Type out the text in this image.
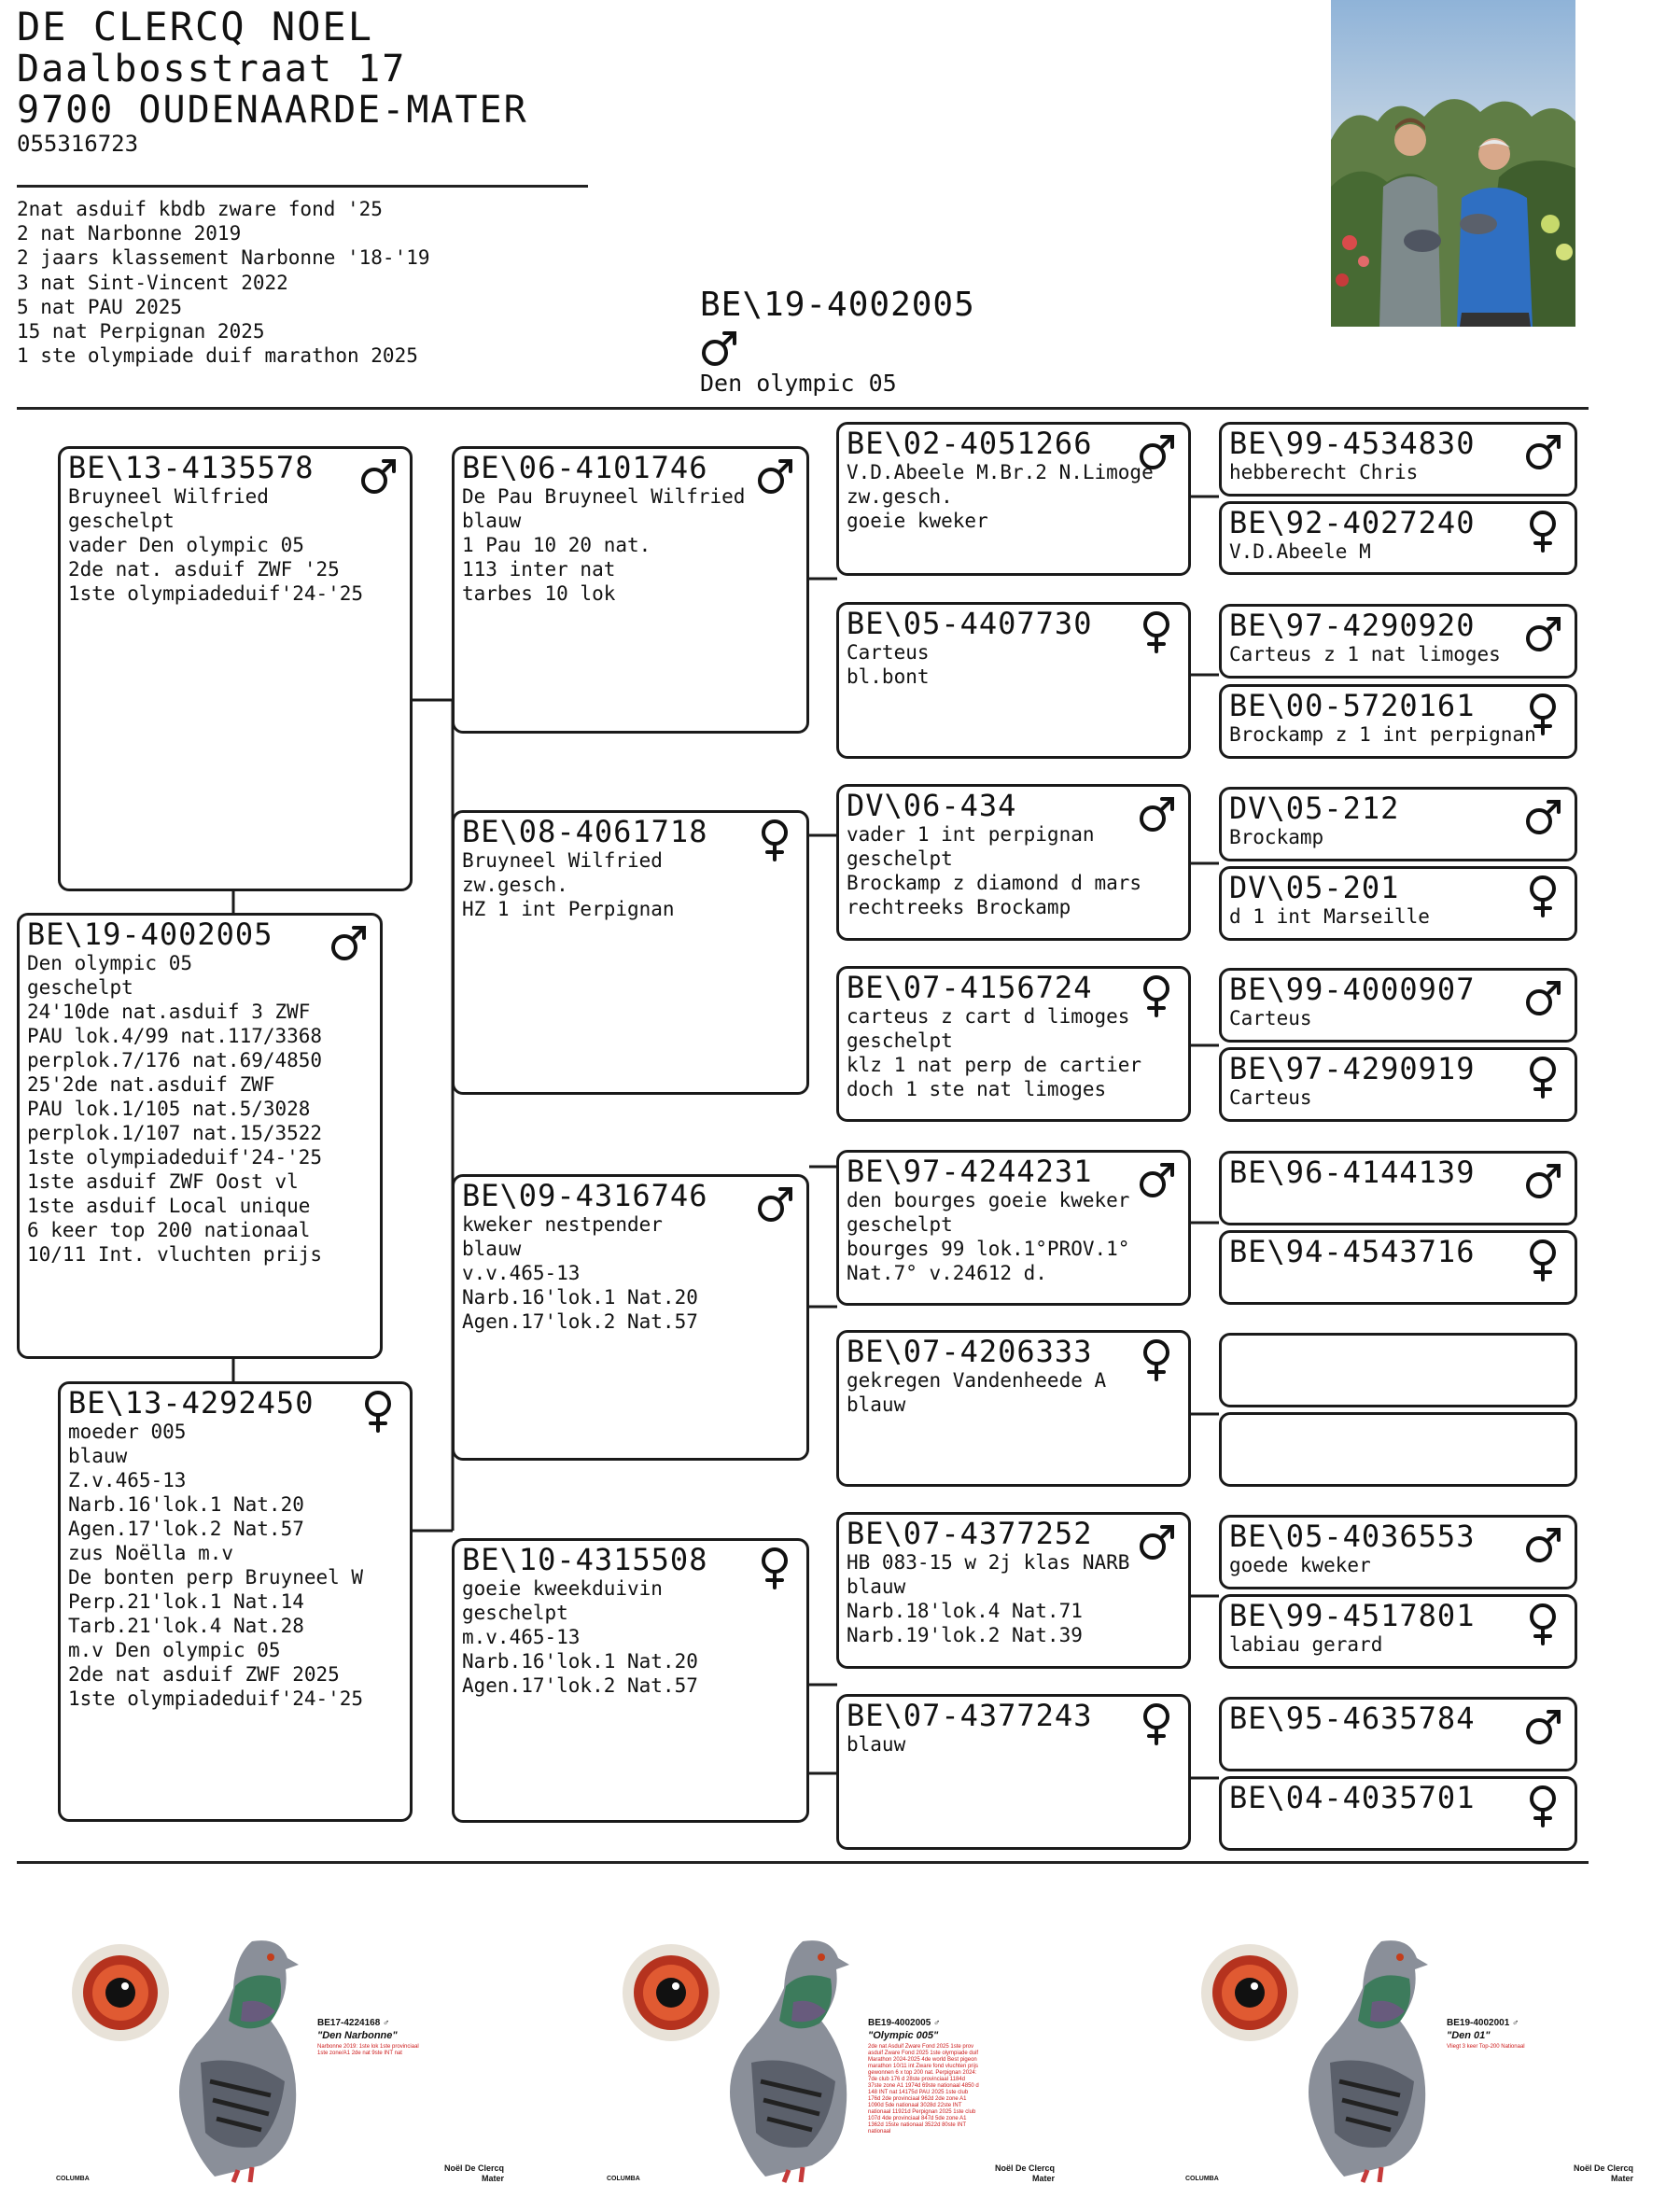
DE CLERCQ NOEL
Daalbosstraat 17
9700 OUDENAARDE-MATER
055316723
2nat asduif kbdb zware fond '25
2 nat Narbonne 2019
2 jaars klassement Narbonne '18-'19
3 nat Sint-Vincent 2022
5 nat PAU 2025
15 nat Perpignan 2025
1 ste olympiade duif marathon 2025
BE\19-4002005
Den olympic 05
BE\19-4002005
Den olympic 05
geschelpt
24'10de nat.asduif 3 ZWF
PAU lok.4/99 nat.117/3368
perplok.7/176 nat.69/4850
25'2de nat.asduif ZWF
PAU lok.1/105 nat.5/3028
perplok.1/107 nat.15/3522
1ste olympiadeduif'24-'25
1ste asduif ZWF Oost vl
1ste asduif Local unique
6 keer top 200 nationaal
10/11 Int. vluchten prijs
BE\13-4135578
Bruyneel Wilfried
geschelpt
vader Den olympic 05
2de nat. asduif ZWF '25
1ste olympiadeduif'24-'25
BE\13-4292450
moeder 005
blauw
Z.v.465-13
Narb.16'lok.1 Nat.20
Agen.17'lok.2 Nat.57
zus Noëlla m.v
De bonten perp Bruyneel W
Perp.21'lok.1 Nat.14
Tarb.21'lok.4 Nat.28
m.v Den olympic 05
2de nat asduif ZWF 2025
1ste olympiadeduif'24-'25
BE\06-4101746
De Pau Bruyneel Wilfried
blauw
1 Pau 10 20 nat.
113 inter nat
tarbes 10 lok
BE\08-4061718
Bruyneel Wilfried
zw.gesch.
HZ 1 int Perpignan
BE\09-4316746
kweker nestpender
blauw
v.v.465-13
Narb.16'lok.1 Nat.20
Agen.17'lok.2 Nat.57
BE\10-4315508
goeie kweekduivin
geschelpt
m.v.465-13
Narb.16'lok.1 Nat.20
Agen.17'lok.2 Nat.57
BE\02-4051266
V.D.Abeele M.Br.2 N.Limoge
zw.gesch.
goeie kweker
BE\05-4407730
Carteus
bl.bont
DV\06-434
vader 1 int perpignan
geschelpt
Brockamp z diamond d mars
rechtreeks Brockamp
BE\07-4156724
carteus z cart d limoges
geschelpt
klz 1 nat perp de cartier
doch 1 ste nat limoges
BE\97-4244231
den bourges goeie kweker
geschelpt
bourges 99 lok.1°PROV.1°
Nat.7° v.24612 d.
BE\07-4206333
gekregen Vandenheede A
blauw
BE\07-4377252
HB 083-15 w 2j klas NARB
blauw
Narb.18'lok.4 Nat.71
Narb.19'lok.2 Nat.39
BE\07-4377243
blauw
BE\99-4534830
hebberecht Chris
BE\92-4027240
V.D.Abeele M
BE\97-4290920
Carteus z 1 nat limoges
BE\00-5720161
Brockamp z 1 int perpignan
DV\05-212
Brockamp
DV\05-201
d 1 int Marseille
BE\99-4000907
Carteus
BE\97-4290919
Carteus
BE\96-4144139
BE\94-4543716
BE\05-4036553
goede kweker
BE\99-4517801
labiau gerard
BE\95-4635784
BE\04-4035701
BE17-4224168 ♂
"Den Narbonne"
Narbonne 2019: 1ste lok 1ste provinciaal 1ste zone/A1 2de nat 9ste INT nat
Noël De Clercq
Mater
COLUMBA
BE19-4002005 ♂
"Olympic 005"
2de nat Asduif Zware Fond 2025 1ste prov asduif Zware Fond 2025 1ste olympiade duif Marathon 2024-2025 4de world Best pigeon marathon 10/11 int Zware fond vluchten prijs gewonnen 6 x top 200 nat. Perpignan 2024: 7de club 176 d 28ste provinciaal 1184d 37ste zone A1 1974d 69ste nationaal 4850 d 148 INT nat 14175d PAU 2025 1ste club 176d 2de provinciaal 962d 2de zone A1 1090d 5de nationaal 3028d 22ste INT nationaal 11921d Perpignan 2025 1ste club 107d 4de provinciaal 847d 5de zone A1 1362d 15ste nationaal 3522d 80ste INT nationaal
Noël De Clercq
Mater
COLUMBA
BE19-4002001 ♂
"Den 01"
Vliegt 3 keer Top-200 Nationaal
Noël De Clercq
Mater
COLUMBA
